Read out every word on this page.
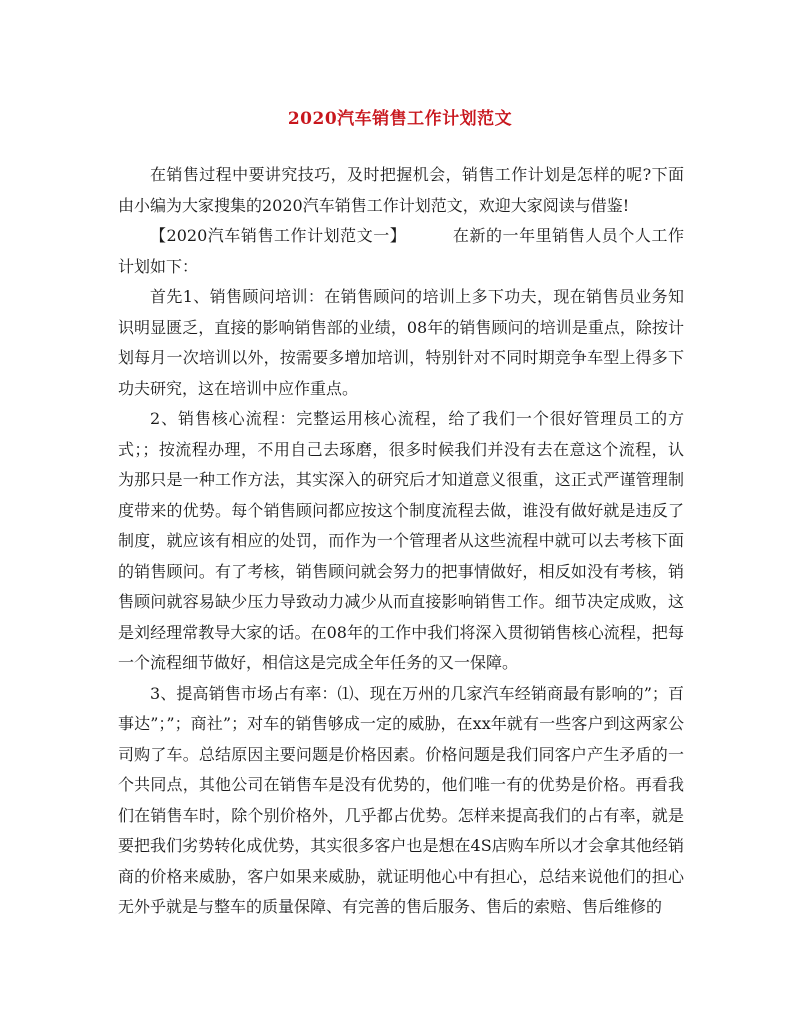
2020汽车销售工作计划范文

在销售过程中要讲究技巧，及时把握机会，销售工作计划是怎样的呢?下面由小编为大家搜集的2020汽车销售工作计划范文，欢迎大家阅读与借鉴!

【2020汽车销售工作计划范文一】	在新的一年里销售人员个人工作计划如下：

首先1、销售顾问培训：在销售顾问的培训上多下功夫，现在销售员业务知识明显匮乏，直接的影响销售部的业绩，08年的销售顾问的培训是重点，除按计划每月一次培训以外，按需要多增加培训，特别针对不同时期竞争车型上得多下功夫研究，这在培训中应作重点。

2、销售核心流程：完整运用核心流程，给了我们一个很好管理员工的方式；；按流程办理，不用自己去琢磨，很多时候我们并没有去在意这个流程，认为那只是一种工作方法，其实深入的研究后才知道意义很重，这正式严谨管理制度带来的优势。每个销售顾问都应按这个制度流程去做，谁没有做好就是违反了制度，就应该有相应的处罚，而作为一个管理者从这些流程中就可以去考核下面的销售顾问。有了考核，销售顾问就会努力的把事情做好，相反如没有考核，销售顾问就容易缺少压力导致动力减少从而直接影响销售工作。细节决定成败，这是刘经理常教导大家的话。在08年的工作中我们将深入贯彻销售核心流程，把每一个流程细节做好，相信这是完成全年任务的又一保障。

3、提高销售市场占有率：⑴、现在万州的几家汽车经销商最有影响的”；百事达”；”；商社”；对车的销售够成一定的威胁，在xx年就有一些客户到这两家公司购了车。总结原因主要问题是价格因素。价格问题是我们同客户产生矛盾的一个共同点，其他公司在销售车是没有优势的，他们唯一有的优势是价格。再看我们在销售车时，除个别价格外，几乎都占优势。怎样来提高我们的占有率，就是要把我们劣势转化成优势，其实很多客户也是想在4S店购车所以才会拿其他经销商的价格来威胁，客户如果来威胁，就证明他心中有担心，总结来说他们的担心无外乎就是与整车的质量保障、有完善的售后服务、售后的索赔、售后维修的
